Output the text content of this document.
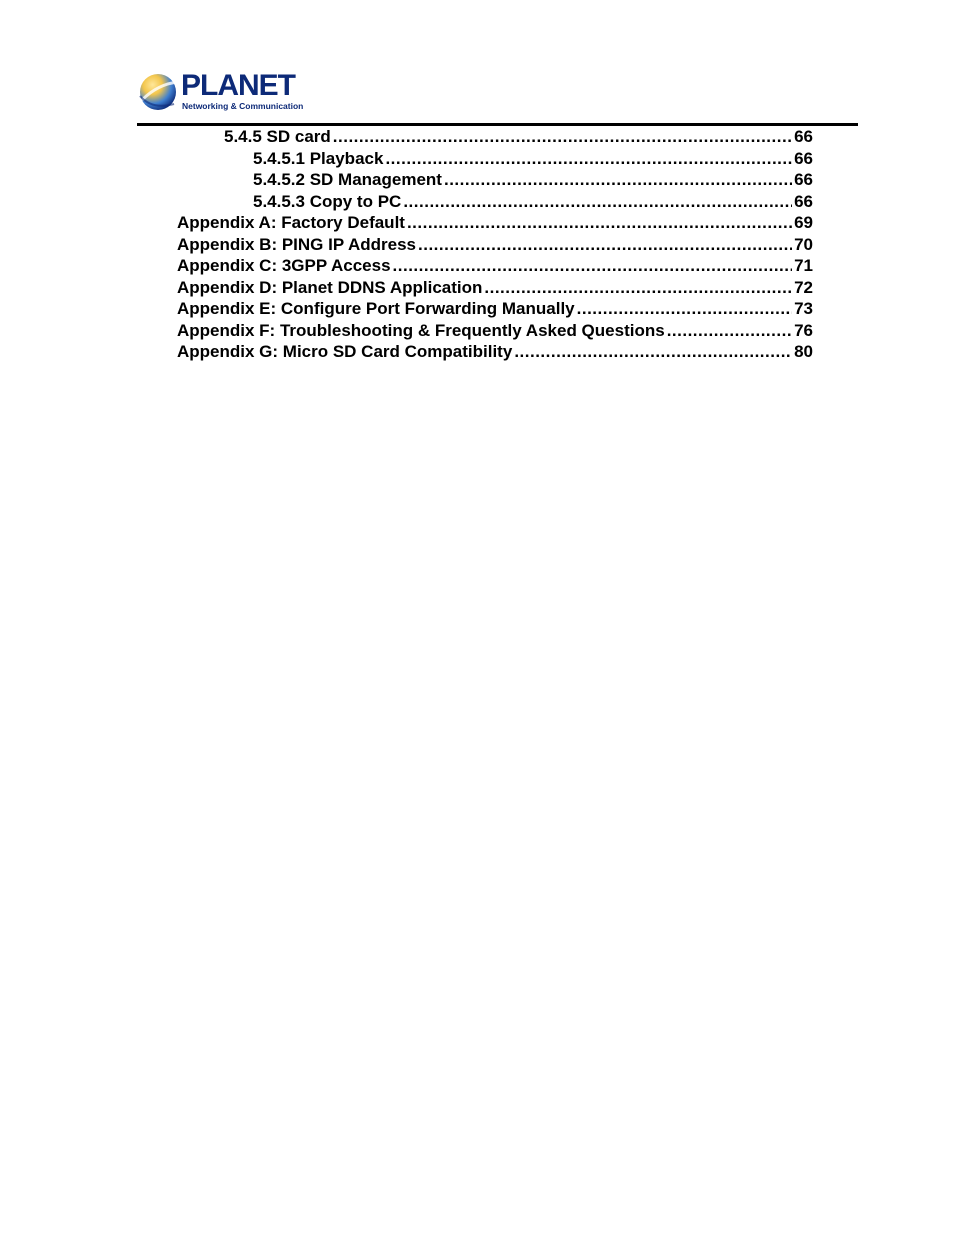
PLANET
Networking & Communication
5.4.5 SD card .....	66
5.4.5.1 Playback .....	66
5.4.5.2 SD Management .....	66
5.4.5.3 Copy to PC .....	66
Appendix A: Factory Default .....	69
Appendix B: PING IP Address .....	70
Appendix C: 3GPP Access .....	71
Appendix D: Planet DDNS Application .....	72
Appendix E: Configure Port Forwarding Manually .....	73
Appendix F: Troubleshooting & Frequently Asked Questions .....	76
Appendix G: Micro SD Card Compatibility .....	80
